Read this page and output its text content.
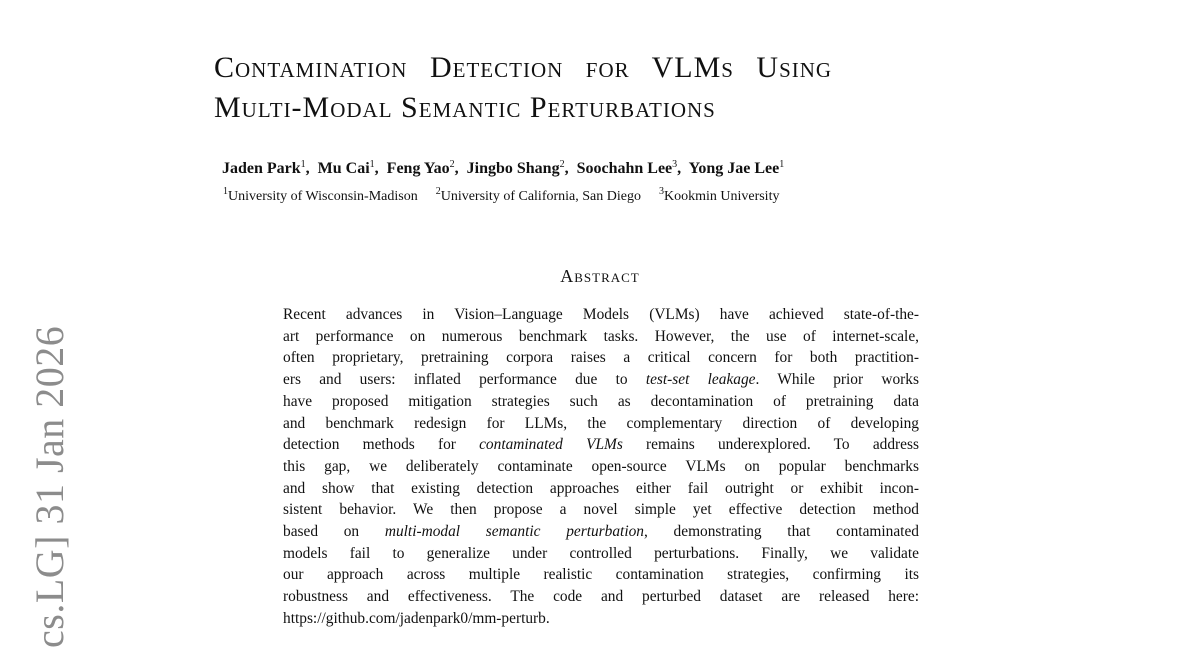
Contamination Detection for VLMs Using
Multi-Modal Semantic Perturbations
Jaden Park$^1$,  Mu Cai$^1$,  Feng Yao$^2$,  Jingbo Shang$^2$,  Soochahn Lee$^3$,  Yong Jae Lee$^1$
$^1$University of Wisconsin-Madison $^2$University of California, San Diego $^3$Kookmin University
Abstract
Recent advances in Vision–Language Models (VLMs) have achieved state-of-the-
art performance on numerous benchmark tasks. However, the use of internet-scale,
often proprietary, pretraining corpora raises a critical concern for both practition-
ers and users: inflated performance due to test-set leakage. While prior works
have proposed mitigation strategies such as decontamination of pretraining data
and benchmark redesign for LLMs, the complementary direction of developing
detection methods for contaminated VLMs remains underexplored. To address
this gap, we deliberately contaminate open-source VLMs on popular benchmarks
and show that existing detection approaches either fail outright or exhibit incon-
sistent behavior. We then propose a novel simple yet effective detection method
based on multi-modal semantic perturbation, demonstrating that contaminated
models fail to generalize under controlled perturbations. Finally, we validate
our approach across multiple realistic contamination strategies, confirming its
robustness and effectiveness. The code and perturbed dataset are released here:
https://github.com/jadenpark0/mm-perturb.
cs.LG] 31 Jan 2026
